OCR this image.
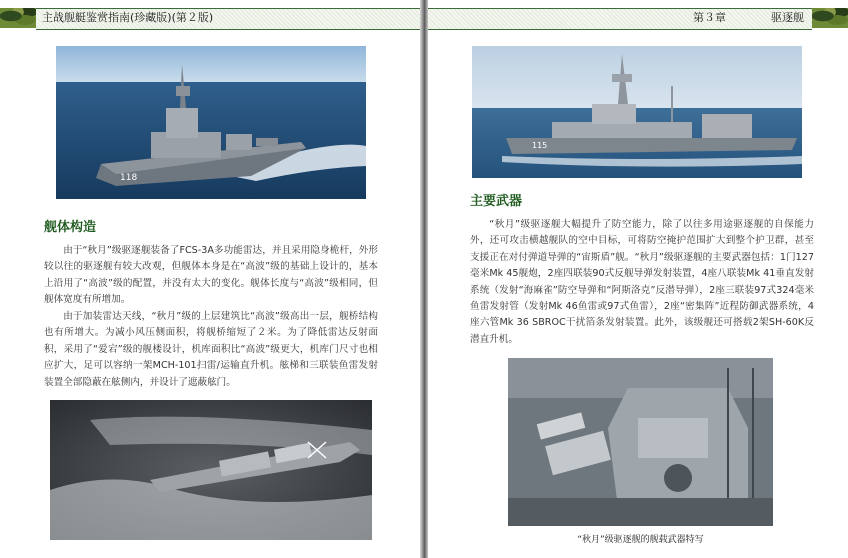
主战舰艇鉴赏指南(珍藏版)(第２版)
118
舰体构造

由于“秋月”级驱逐舰装备了FCS-3A多功能雷达，并且采用隐身桅杆，外形较以往的驱逐舰有较大改观，但舰体本身是在“高波”级的基础上设计的，基本上沿用了“高波”级的配置，并没有太大的变化。舰体长度与“高波”级相同，但舰体宽度有所增加。

由于加装雷达天线，“秋月”级的上层建筑比“高波”级高出一层，舰桥结构也有所增大。为减小风压侧面积，将舰桥缩短了２米。为了降低雷达反射面积，采用了“爱宕”级的舰楼设计，机库面积比“高波”级更大，机库门尺寸也相应扩大，足可以容纳一架MCH-101扫雷/运输直升机。舷梯和三联装鱼雷发射装置全部隐蔽在舷侧内，并设计了遮蔽舷门。

第３章	驱逐舰
115
主要武器

“秋月”级驱逐舰大幅提升了防空能力，除了以往多用途驱逐舰的自保能力外，还可攻击横越舰队的空中目标，可将防空掩护范围扩大到整个护卫群，甚至支援正在对付弹道导弹的“宙斯盾”舰。“秋月”级驱逐舰的主要武器包括：1门127毫米Mk 45舰炮，2座四联装90式反舰导弹发射装置，4座八联装Mk 41垂直发射系统（发射“海麻雀”防空导弹和“阿斯洛克”反潜导弹），2座三联装97式324毫米鱼雷发射管（发射Mk 46鱼雷或97式鱼雷），2座“密集阵”近程防御武器系统，4座六管Mk 36 SBROC干扰箔条发射装置。此外，该级舰还可搭载2架SH-60K反潜直升机。

“秋月”级驱逐舰的舰载武器特写
